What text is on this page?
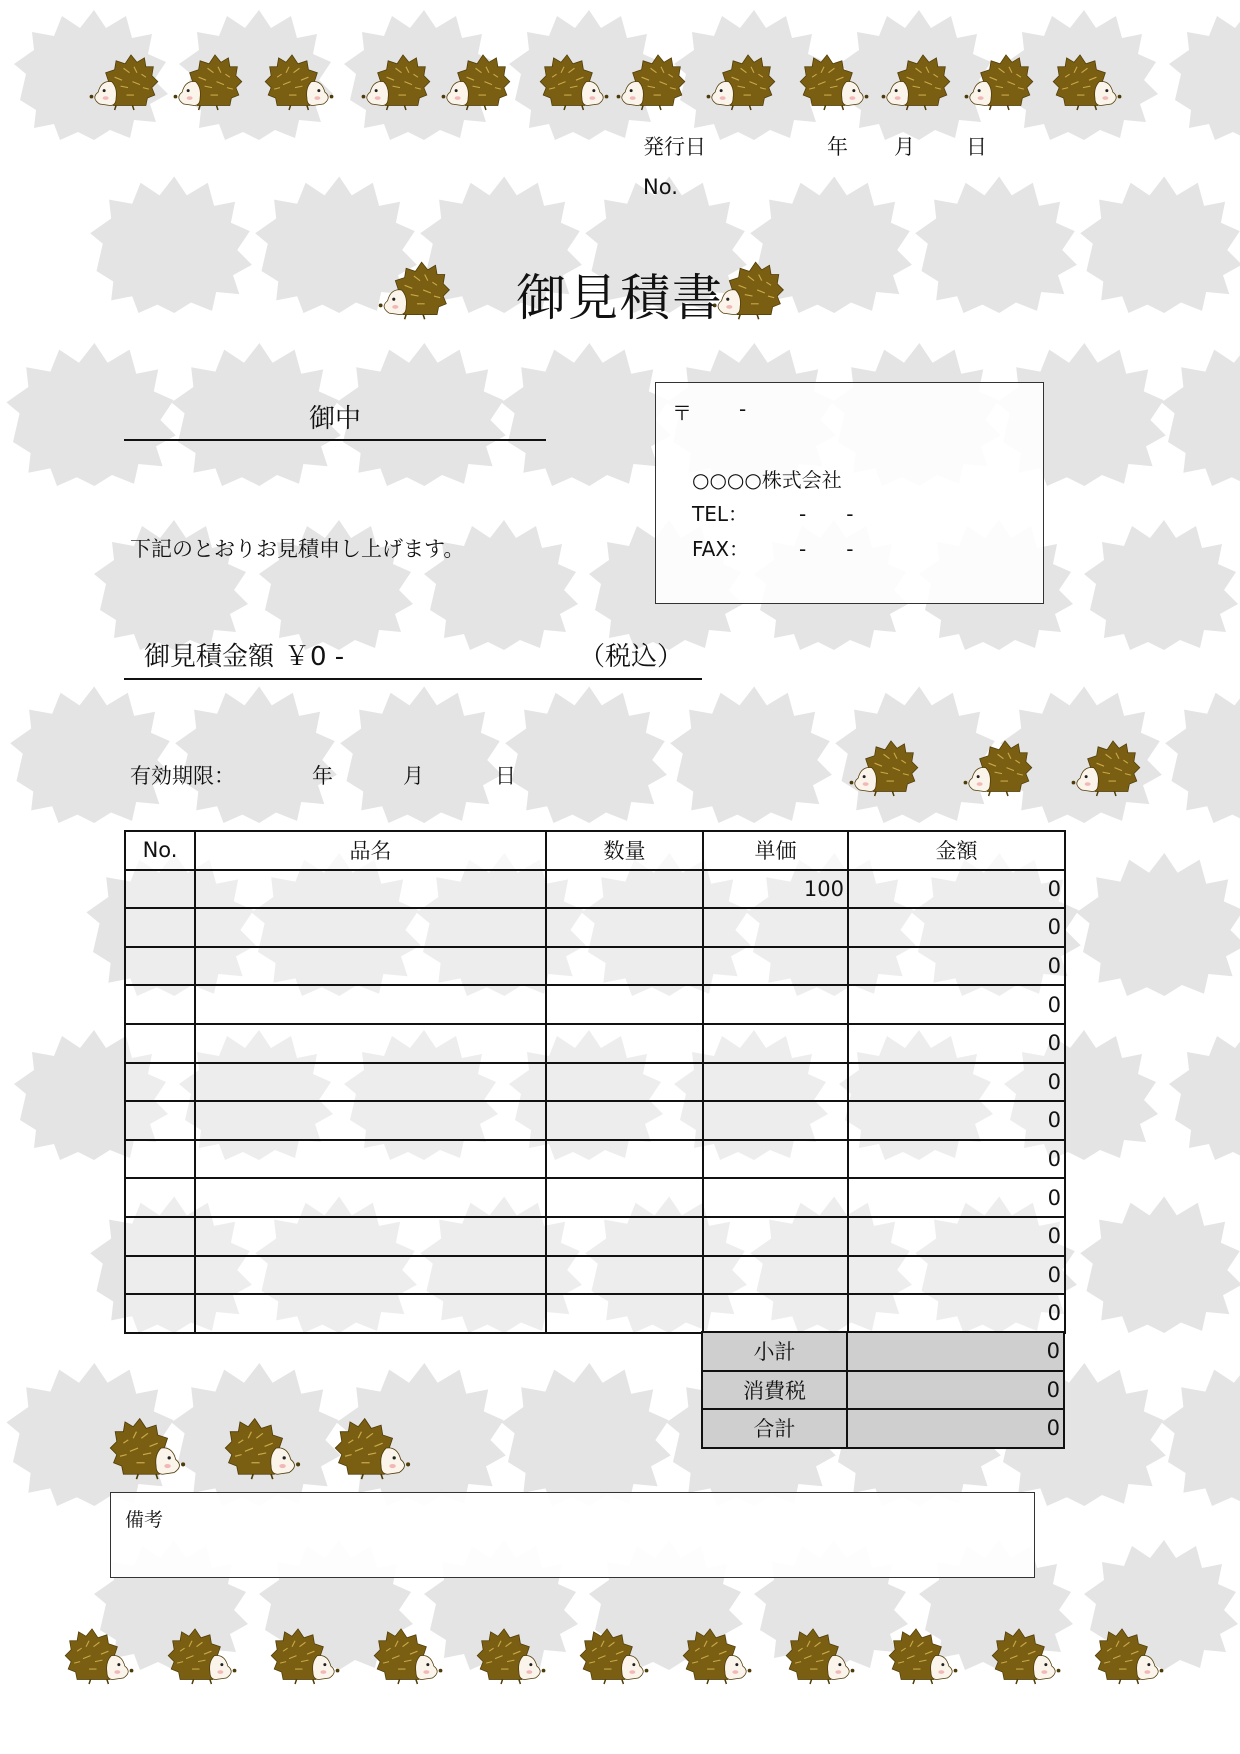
発行日	年 月 日
No.
御見積書
御中
下記のとおりお見積申し上げます。
〒 -
○○○○株式会社
TEL：	-　　-
FAX： -　　-
御見積金額 ￥0 -	（税込）
有効期限：	年	月	日
No.	品名	数量	単価	金額
			100	0
				0
				0
				0
				0
				0
				0
				0
				0
				0
				0
				0
小計	0
消費税	0
合計	0
備考
